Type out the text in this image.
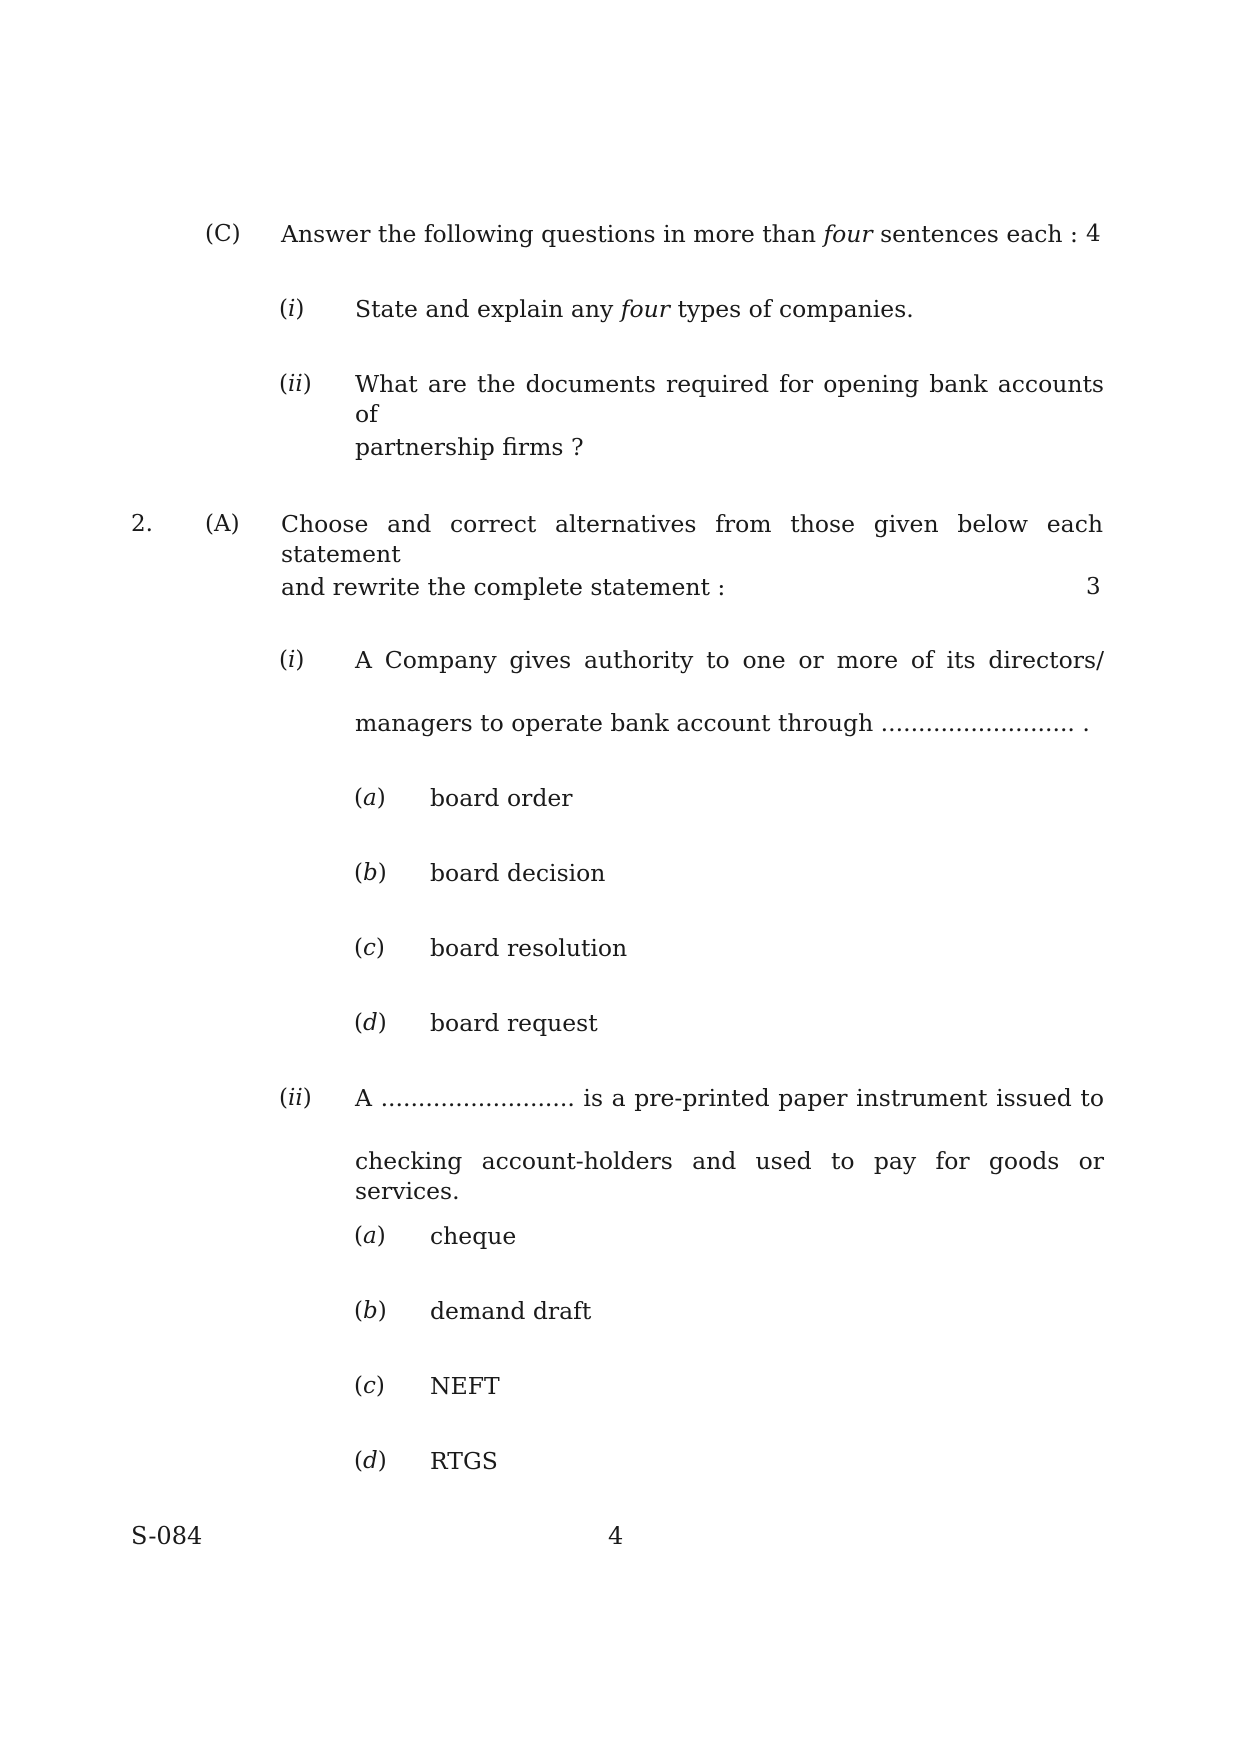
(C) Answer the following questions in more than four sentences each : 4
(i) State and explain any four types of companies.
(ii) What are the documents required for opening bank accounts of
partnership firms ?
2. (A) Choose and correct alternatives from those given below each statement
and rewrite the complete statement :	3
(i) A Company gives authority to one or more of its directors/
managers to operate bank account through .......................... .
(a) board order
(b) board decision
(c) board resolution
(d) board request
(ii) A .......................... is a pre-printed paper instrument issued to
checking account-holders and used to pay for goods or services.
(a) cheque
(b) demand draft
(c) NEFT
(d) RTGS
S-084	4
